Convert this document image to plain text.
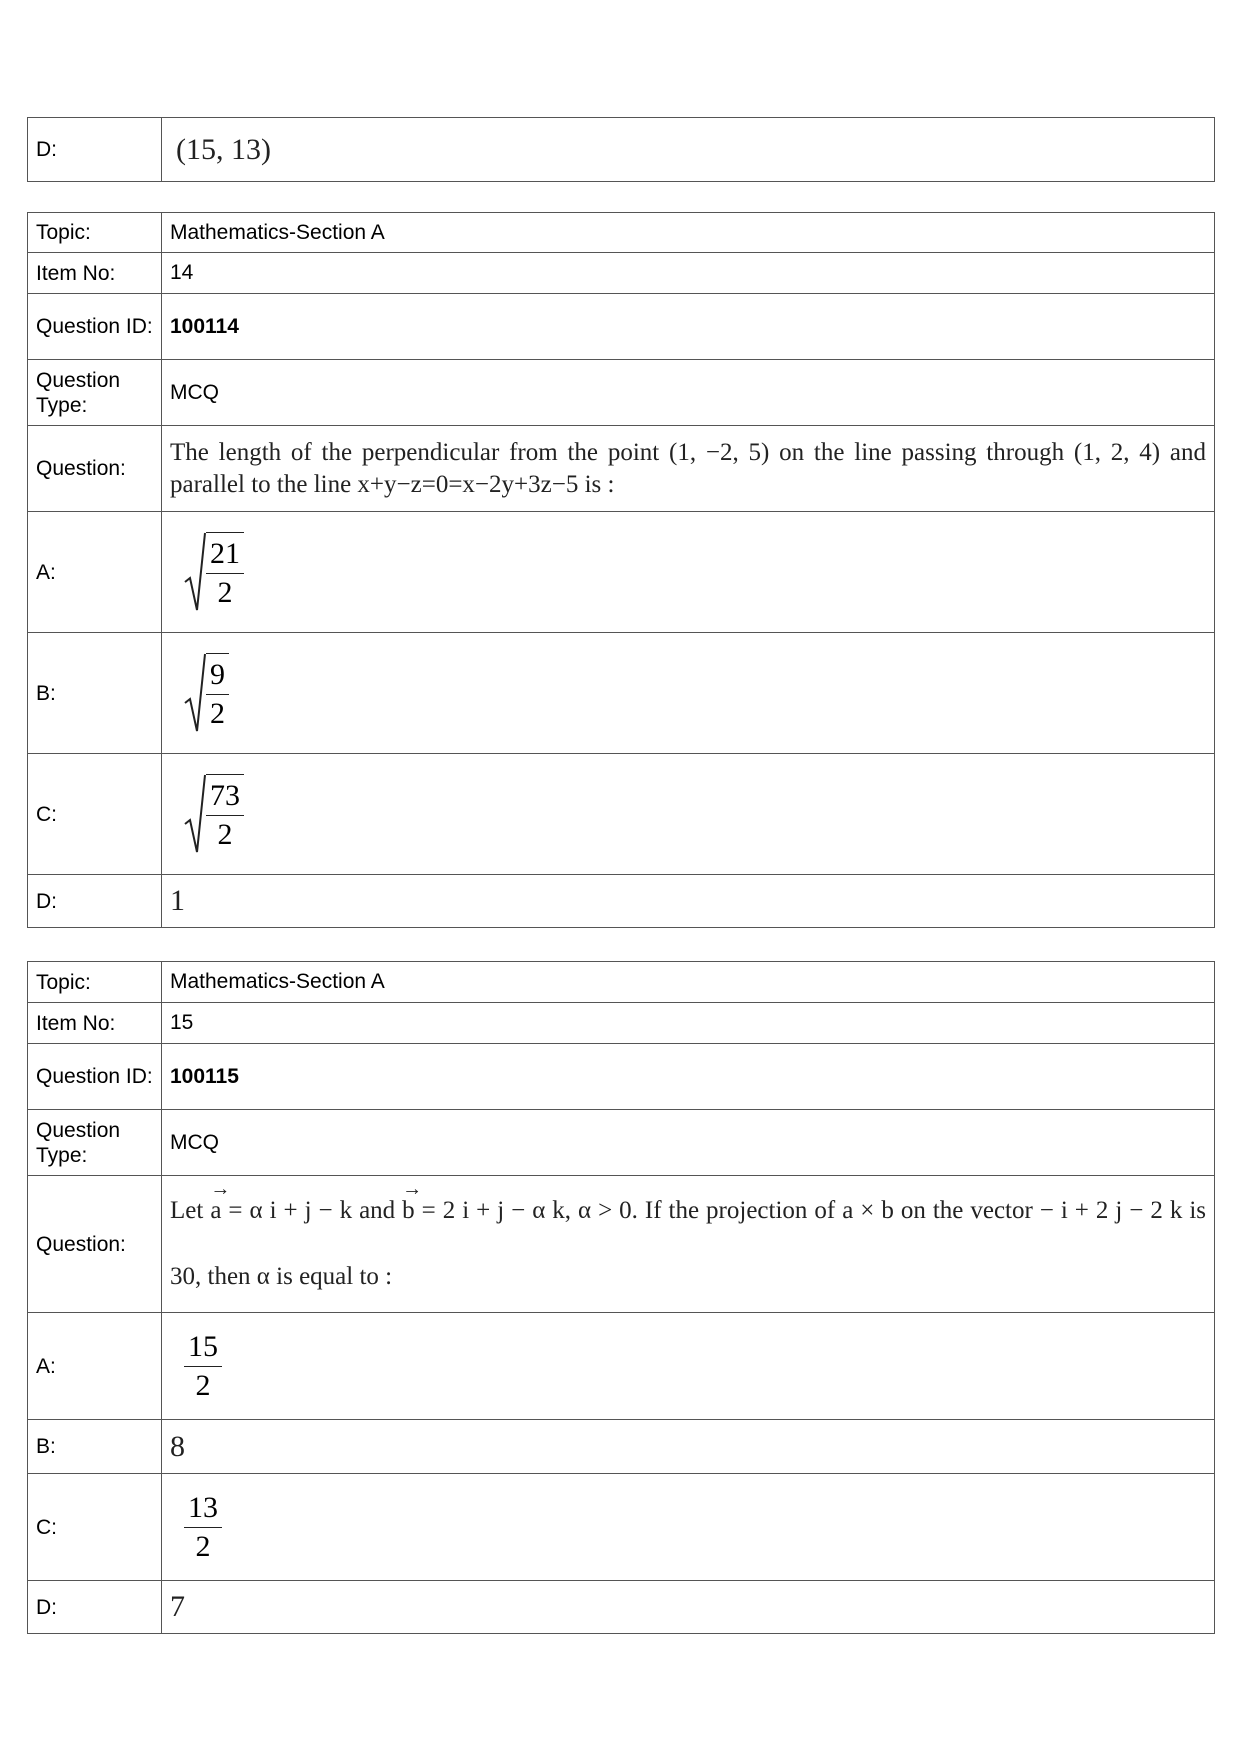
D:	(15, 13)
Topic:	Mathematics-Section A
Item No:	14
Question ID:	100114
Question Type:	MCQ
Question:	The length of the perpendicular from the point (1, −2, 5) on the line passing through (1, 2, 4) and parallel to the line x+y−z=0=x−2y+3z−5 is :
A:	$\frac{21}{2}$

B:	$\frac{9}{2}$

C:	$\frac{73}{2}$

D:	1
Topic:	Mathematics-Section A
Item No:	15
Question ID:	100115
Question Type:	MCQ
Question:	Let → a = α i + j − k and → b = 2 i + j − α k, α > 0. If the projection of a × b on the vector − i + 2 j − 2 k is 30, then α is equal to :
A:	$\frac{15}{2}$

B:	8
C:	$\frac{13}{2}$

D:	7
